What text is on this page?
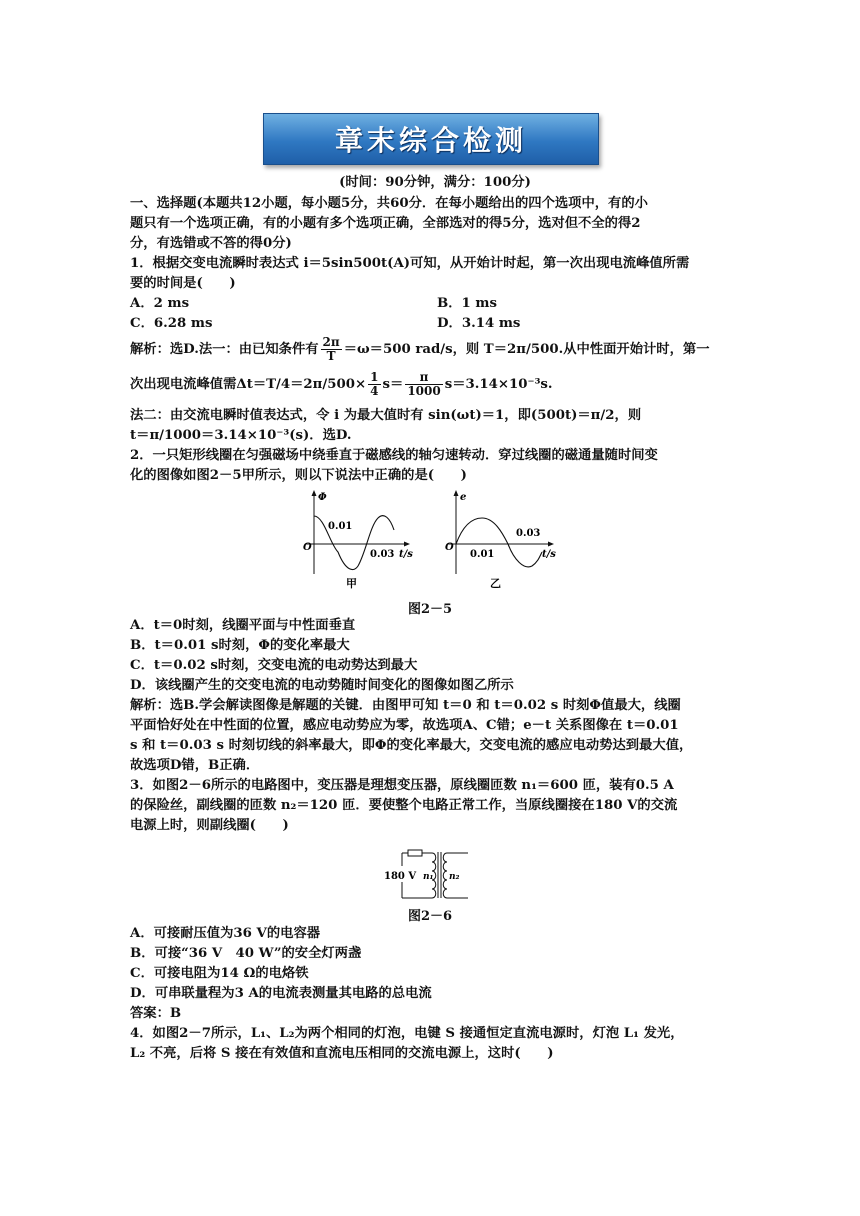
章末综合检测
(时间：90分钟，满分：100分)
一、选择题(本题共12小题，每小题5分，共60分．在每小题给出的四个选项中，有的小
题只有一个选项正确，有的小题有多个选项正确，全部选对的得5分，选对但不全的得2
分，有选错或不答的得0分)
1．根据交变电流瞬时表达式 i＝5sin500t(A)可知，从开始计时起，第一次出现电流峰值所需
要的时间是(　　)
A．2 ms	B．1 ms
C．6.28 ms	D．3.14 ms
解析：选D.法一：由已知条件有 $\frac{2\pi}{T} =\omega=500$ rad/s，则 T＝2π/500.从中性面开始计时，第一
次出现电流峰值需$\Delta t=T/4=2\pi/500\times \frac{1}{4} s= \frac{\pi}{1000} s=3.14\times 10^{-3}s$.
法二：由交流电瞬时值表达式，令 i 为最大值时有 sin(ωt)＝1，即(500t)＝π/2，则
t＝π/1000＝3.14×10⁻³(s)．选D.
2．一只矩形线圈在匀强磁场中绕垂直于磁感线的轴匀速转动．穿过线圈的磁通量随时间变
化的图像如图2－5甲所示，则以下说法中正确的是(　　)
Φ
0.01
0.03 t/s
O
甲
e
0.01
0.03
t/s
O
乙
图2－5
A．t＝0时刻，线圈平面与中性面垂直
B．t＝0.01 s时刻，Φ的变化率最大
C．t＝0.02 s时刻，交变电流的电动势达到最大
D．该线圈产生的交变电流的电动势随时间变化的图像如图乙所示
解析：选B.学会解读图像是解题的关键．由图甲可知 t＝0 和 t＝0.02 s 时刻Φ值最大，线圈
平面恰好处在中性面的位置，感应电动势应为零，故选项A、C错；e－t 关系图像在 t＝0.01
s 和 t＝0.03 s 时刻切线的斜率最大，即Φ的变化率最大，交变电流的感应电动势达到最大值，
故选项D错，B正确．
3．如图2－6所示的电路图中，变压器是理想变压器，原线圈匝数 n₁＝600 匝，装有0.5 A
的保险丝，副线圈的匝数 n₂＝120 匝．要使整个电路正常工作，当原线圈接在180 V的交流
电源上时，则副线圈(　　)
180 V n₁ n₂
图2－6
A．可接耐压值为36 V的电容器
B．可接“36 V　40 W”的安全灯两盏
C．可接电阻为14 Ω的电烙铁
D．可串联量程为3 A的电流表测量其电路的总电流
答案：B
4．如图2－7所示，L₁、L₂为两个相同的灯泡，电键 S 接通恒定直流电源时，灯泡 L₁ 发光，
L₂ 不亮，后将 S 接在有效值和直流电压相同的交流电源上，这时(　　)
